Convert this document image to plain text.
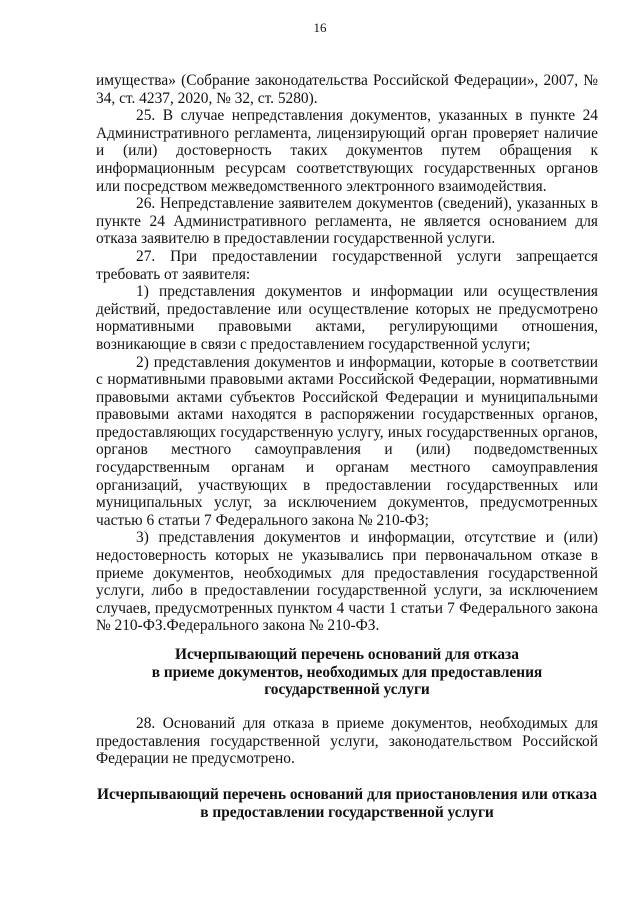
16

имущества» (Собрание законодательства Российской Федерации», 2007, № 34, ст. 4237, 2020, № 32, ст. 5280).

25. В случае непредставления документов, указанных в пункте 24 Административного регламента, лицензирующий орган проверяет наличие и (или) достоверность таких документов путем обращения к информационным ресурсам соответствующих государственных органов или посредством межведомственного электронного взаимодействия.

26. Непредставление заявителем документов (сведений), указанных в пункте 24 Административного регламента, не является основанием для отказа заявителю в предоставлении государственной услуги.

27. При предоставлении государственной услуги запрещается требовать от заявителя:

1) представления документов и информации или осуществления действий, предоставление или осуществление которых не предусмотрено нормативными правовыми актами, регулирующими отношения, возникающие в связи с предоставлением государственной услуги;

2) представления документов и информации, которые в соответствии с нормативными правовыми актами Российской Федерации, нормативными правовыми актами субъектов Российской Федерации и муниципальными правовыми актами находятся в распоряжении государственных органов, предоставляющих государственную услугу, иных государственных органов, органов местного самоуправления и (или) подведомственных государственным органам и органам местного самоуправления организаций, участвующих в предоставлении государственных или муниципальных услуг, за исключением документов, предусмотренных частью 6 статьи 7 Федерального закона № 210-ФЗ;

3) представления документов и информации, отсутствие и (или) недостоверность которых не указывались при первоначальном отказе в приеме документов, необходимых для предоставления государственной услуги, либо в предоставлении государственной услуги, за исключением случаев, предусмотренных пунктом 4 части 1 статьи 7 Федерального закона № 210-ФЗ.Федерального закона № 210-ФЗ.

Исчерпывающий перечень оснований для отказа
в приеме документов, необходимых для предоставления
государственной услуги

28. Оснований для отказа в приеме документов, необходимых для предоставления государственной услуги, законодательством Российской Федерации не предусмотрено.

Исчерпывающий перечень оснований для приостановления или отказа
в предоставлении государственной услуги
